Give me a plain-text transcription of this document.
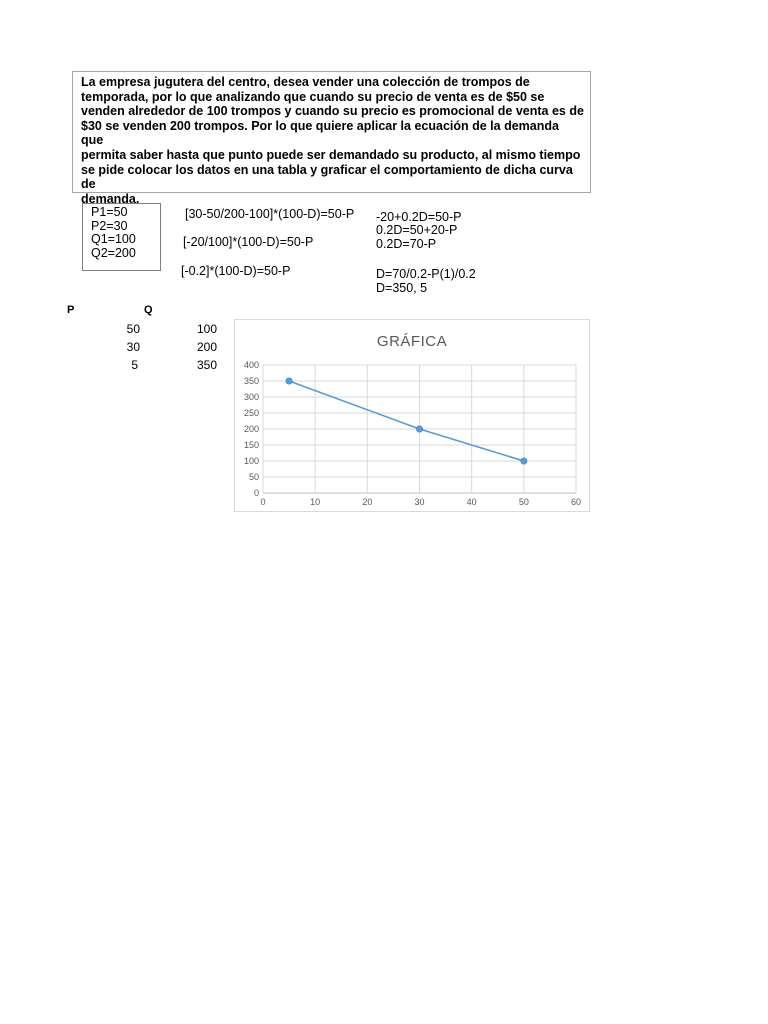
La empresa jugutera del centro, desea vender una colección de trompos de
temporada, por lo que analizando que cuando su precio de venta es de $50 se
venden alrededor de 100 trompos y cuando su precio es promocional de venta es de
$30 se venden 200 trompos. Por lo que quiere aplicar la ecuación de la demanda que
permita saber hasta que punto puede ser demandado su producto, al mismo tiempo
se pide colocar los datos en una tabla y graficar el comportamiento de dicha curva de
demanda.
P1=50
P2=30
Q1=100
Q2=200
[30-50/200-100]*(100-D)=50-P
[-20/100]*(100-D)=50-P
[-0.2]*(100-D)=50-P
-20+0.2D=50-P
0.2D=50+20-P
0.2D=70-P
D=70/0.2-P(1)/0.2
D=350, 5
P	Q
50	100
30	200
5	350
GRÁFICA
0
50
100
150
200
250
300
350
400
0	10	20	30	40	50	60
